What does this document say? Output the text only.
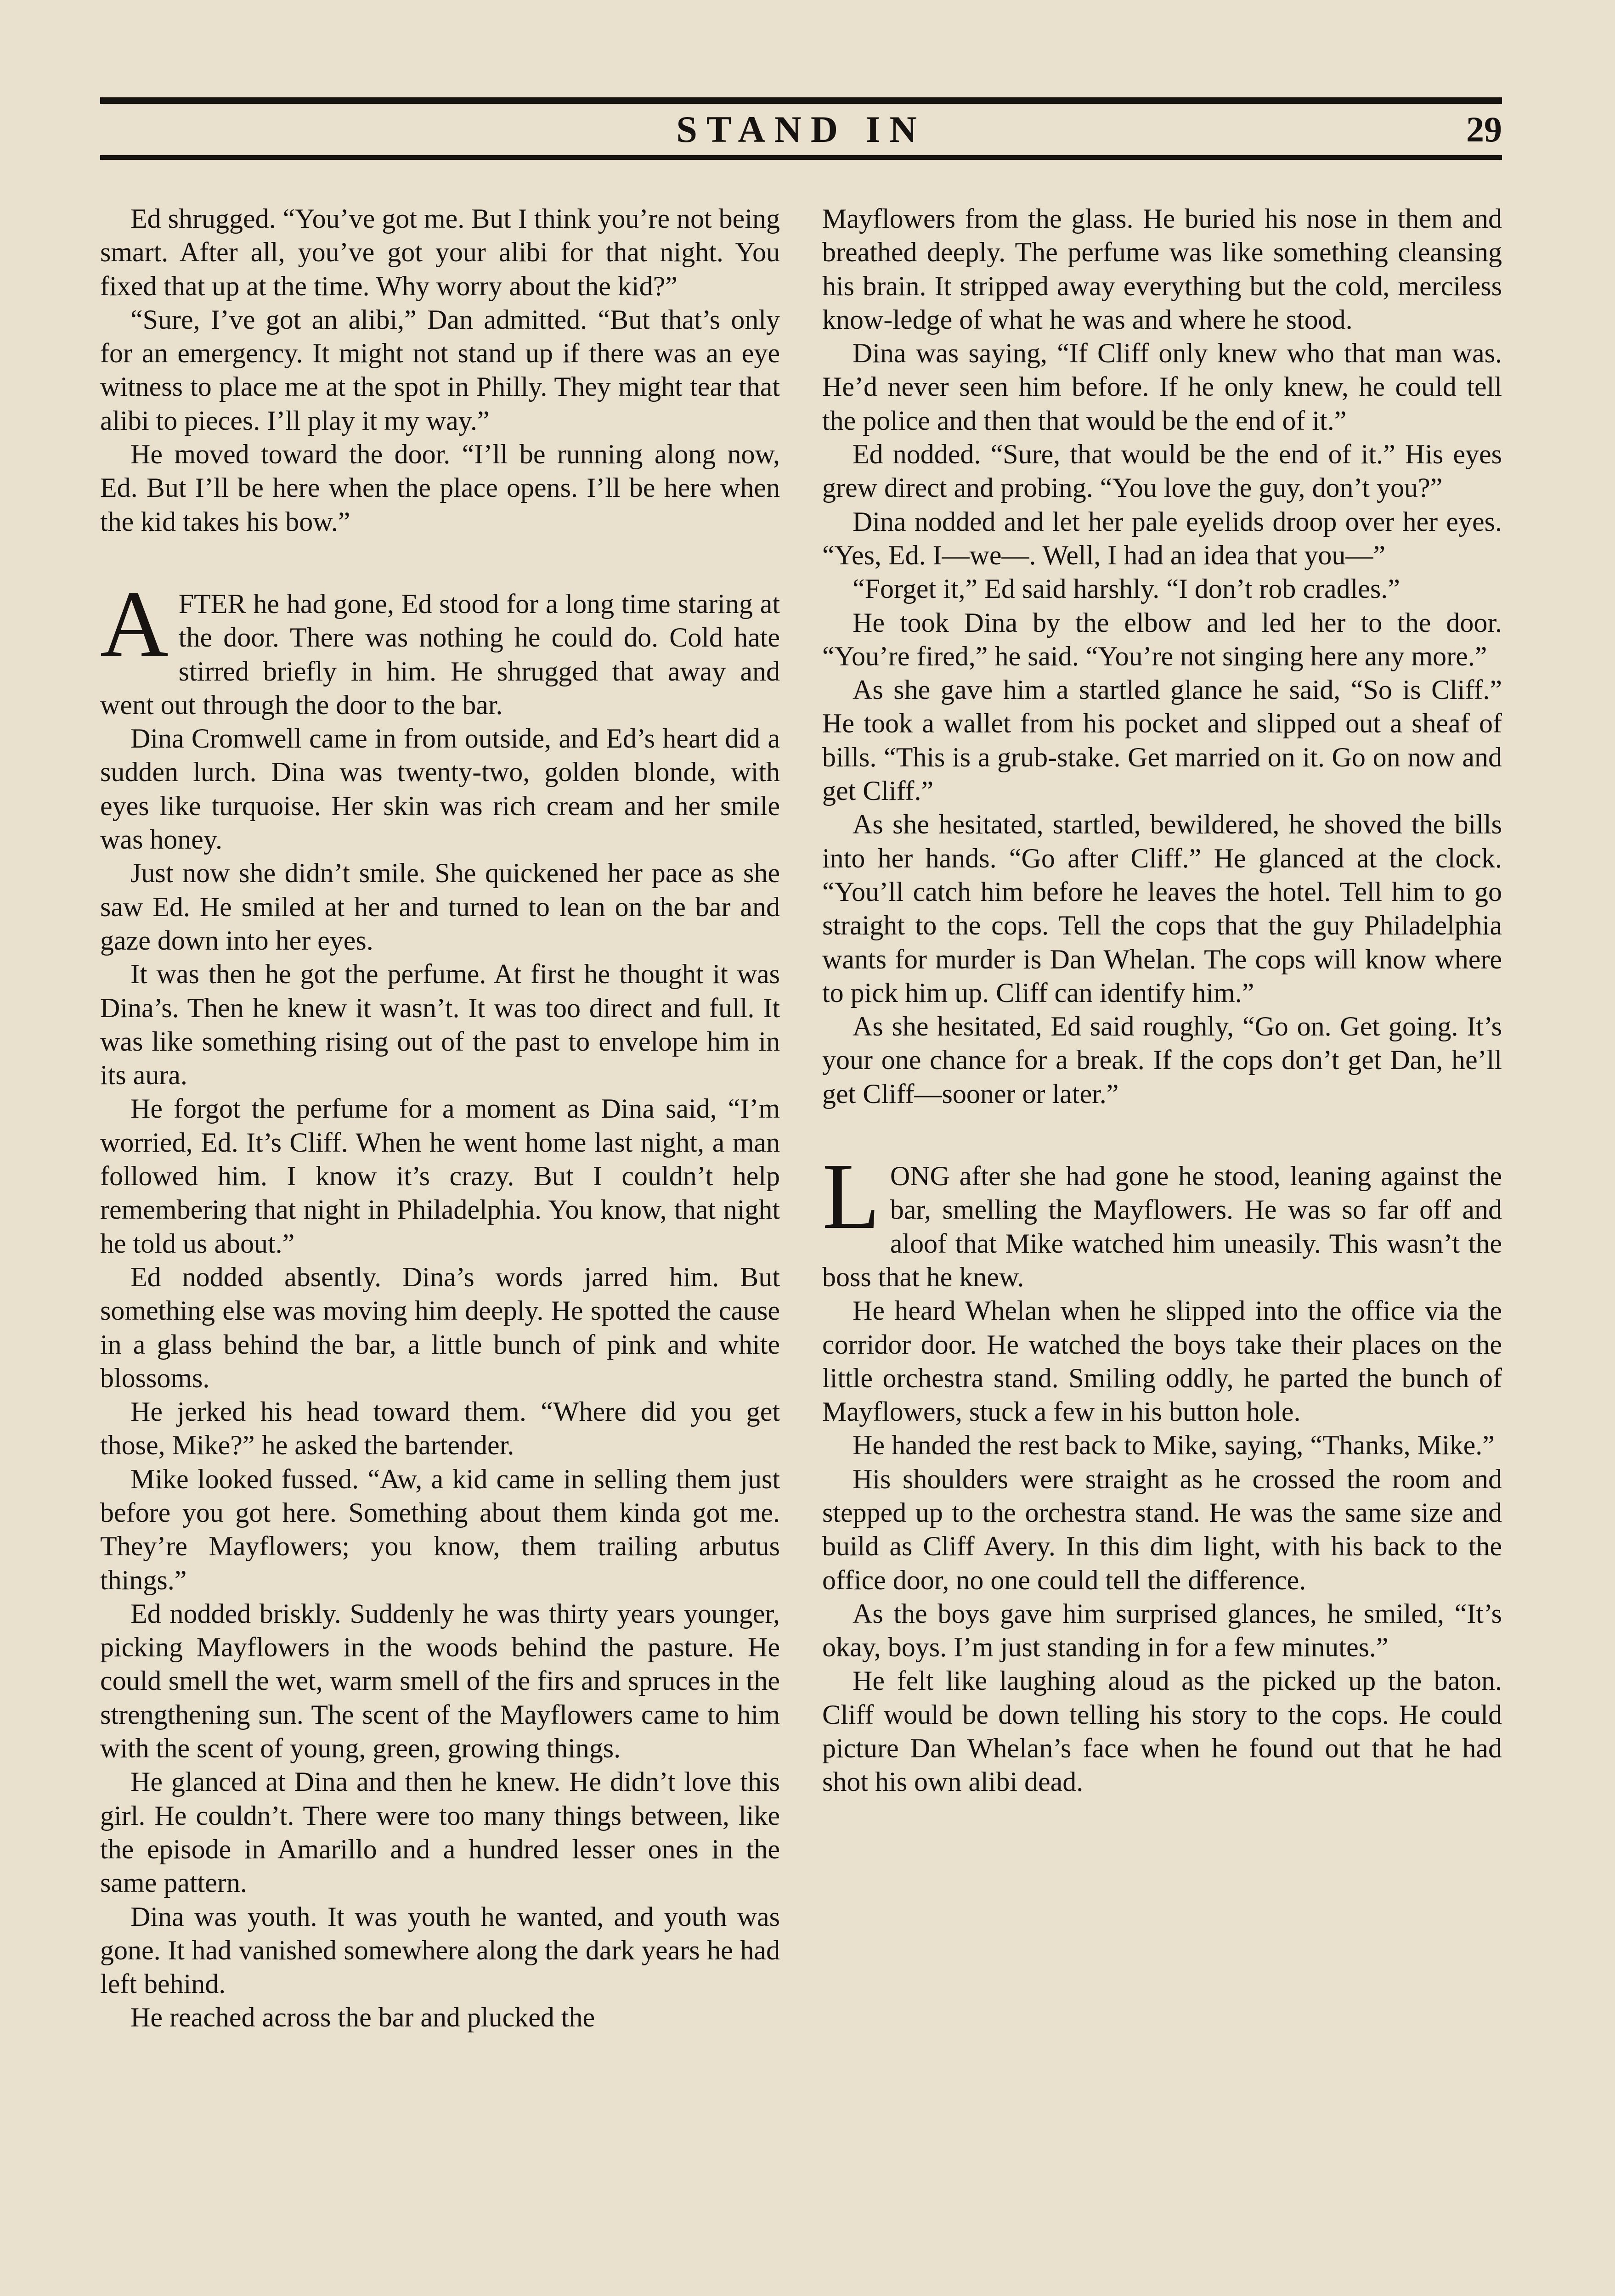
STAND IN	29

Ed shrugged. “You’ve got me. But I think you’re not being smart. After all, you’ve got your alibi for that night. You fixed that up at the time. Why worry about the kid?”

“Sure, I’ve got an alibi,” Dan admitted. “But that’s only for an emergency. It might not stand up if there was an eye witness to place me at the spot in Philly. They might tear that alibi to pieces. I’ll play it my way.”

He moved toward the door. “I’ll be running along now, Ed. But I’ll be here when the place opens. I’ll be here when the kid takes his bow.”

AFTER he had gone, Ed stood for a long time staring at the door. There was nothing he could do. Cold hate stirred briefly in him. He shrugged that away and went out through the door to the bar.

Dina Cromwell came in from outside, and Ed’s heart did a sudden lurch. Dina was twenty-two, golden blonde, with eyes like turquoise. Her skin was rich cream and her smile was honey.

Just now she didn’t smile. She quickened her pace as she saw Ed. He smiled at her and turned to lean on the bar and gaze down into her eyes.

It was then he got the perfume. At first he thought it was Dina’s. Then he knew it wasn’t. It was too direct and full. It was like something rising out of the past to envelope him in its aura.

He forgot the perfume for a moment as Dina said, “I’m worried, Ed. It’s Cliff. When he went home last night, a man followed him. I know it’s crazy. But I couldn’t help remembering that night in Philadelphia. You know, that night he told us about.”

Ed nodded absently. Dina’s words jarred him. But something else was moving him deeply. He spotted the cause in a glass behind the bar, a little bunch of pink and white blossoms.

He jerked his head toward them. “Where did you get those, Mike?” he asked the bartender.

Mike looked fussed. “Aw, a kid came in selling them just before you got here. Something about them kinda got me. They’re Mayflowers; you know, them trailing arbutus things.”

Ed nodded briskly. Suddenly he was thirty years younger, picking Mayflowers in the woods behind the pasture. He could smell the wet, warm smell of the firs and spruces in the strengthening sun. The scent of the Mayflowers came to him with the scent of young, green, growing things.

He glanced at Dina and then he knew. He didn’t love this girl. He couldn’t. There were too many things between, like the episode in Amarillo and a hundred lesser ones in the same pattern.

Dina was youth. It was youth he wanted, and youth was gone. It had vanished somewhere along the dark years he had left behind.

He reached across the bar and plucked the

Mayflowers from the glass. He buried his nose in them and breathed deeply. The perfume was like something cleansing his brain. It stripped away everything but the cold, merciless know-ledge of what he was and where he stood.

Dina was saying, “If Cliff only knew who that man was. He’d never seen him before. If he only knew, he could tell the police and then that would be the end of it.”

Ed nodded. “Sure, that would be the end of it.” His eyes grew direct and probing. “You love the guy, don’t you?”

Dina nodded and let her pale eyelids droop over her eyes. “Yes, Ed. I—we—. Well, I had an idea that you—”

“Forget it,” Ed said harshly. “I don’t rob cradles.”

He took Dina by the elbow and led her to the door. “You’re fired,” he said. “You’re not singing here any more.”

As she gave him a startled glance he said, “So is Cliff.” He took a wallet from his pocket and slipped out a sheaf of bills. “This is a grub-stake. Get married on it. Go on now and get Cliff.”

As she hesitated, startled, bewildered, he shoved the bills into her hands. “Go after Cliff.” He glanced at the clock. “You’ll catch him before he leaves the hotel. Tell him to go straight to the cops. Tell the cops that the guy Philadelphia wants for murder is Dan Whelan. The cops will know where to pick him up. Cliff can identify him.”

As she hesitated, Ed said roughly, “Go on. Get going. It’s your one chance for a break. If the cops don’t get Dan, he’ll get Cliff—sooner or later.”

LONG after she had gone he stood, leaning against the bar, smelling the Mayflowers. He was so far off and aloof that Mike watched him uneasily. This wasn’t the boss that he knew.

He heard Whelan when he slipped into the office via the corridor door. He watched the boys take their places on the little orchestra stand. Smiling oddly, he parted the bunch of Mayflowers, stuck a few in his button hole.

He handed the rest back to Mike, saying, “Thanks, Mike.”

His shoulders were straight as he crossed the room and stepped up to the orchestra stand. He was the same size and build as Cliff Avery. In this dim light, with his back to the office door, no one could tell the difference.

As the boys gave him surprised glances, he smiled, “It’s okay, boys. I’m just standing in for a few minutes.”

He felt like laughing aloud as the picked up the baton. Cliff would be down telling his story to the cops. He could picture Dan Whelan’s face when he found out that he had shot his own alibi dead.
